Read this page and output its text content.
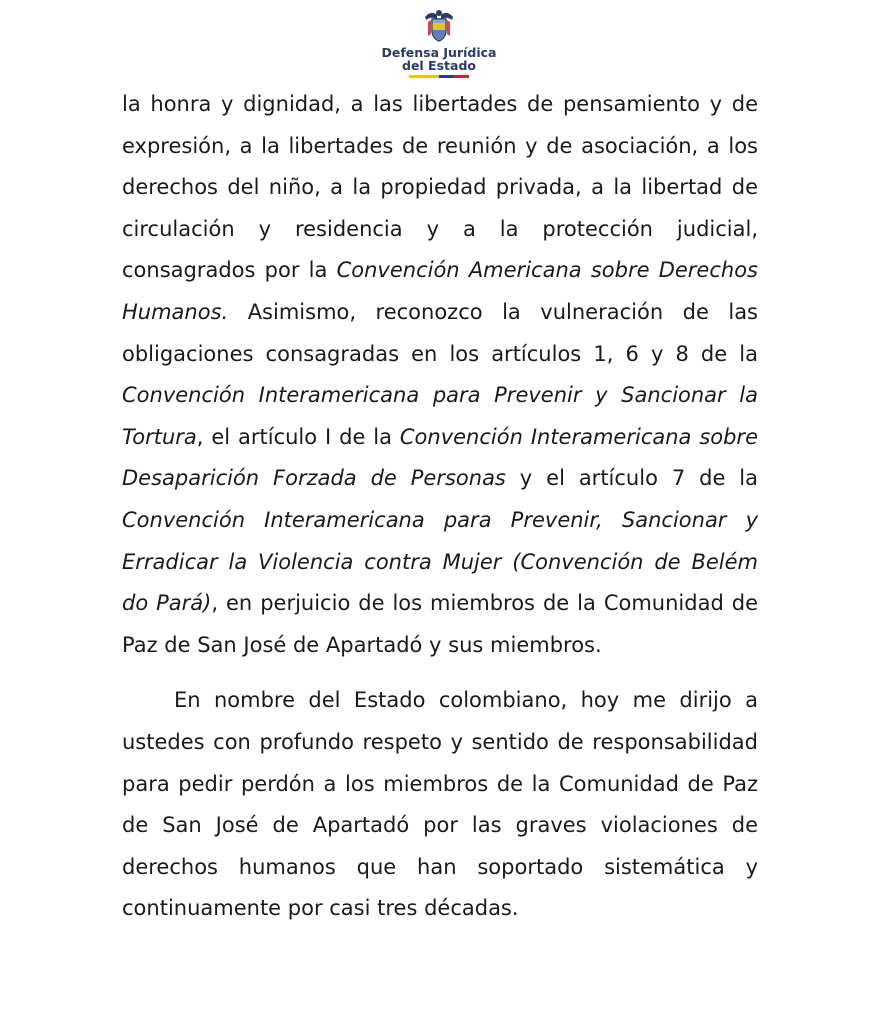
Defensa Jurídica
del Estado

la honra y dignidad, a las libertades de pensamiento y de expresión, a la libertades de reunión y de asociación, a los derechos del niño, a la propiedad privada, a la libertad de circulación y residencia y a la protección judicial, consagrados por la Convención Americana sobre Derechos Humanos. Asimismo, reconozco la vulneración de las obligaciones consagradas en los artículos 1, 6 y 8 de la Convención Interamericana para Prevenir y Sancionar la Tortura, el artículo I de la Convención Interamericana sobre Desaparición Forzada de Personas y el artículo 7 de la Convención Interamericana para Prevenir, Sancionar y Erradicar la Violencia contra Mujer (Convención de Belém do Pará), en perjuicio de los miembros de la Comunidad de Paz de San José de Apartadó y sus miembros.

En nombre del Estado colombiano, hoy me dirijo a ustedes con profundo respeto y sentido de responsabilidad para pedir perdón a los miembros de la Comunidad de Paz de San José de Apartadó por las graves violaciones de derechos humanos que han soportado sistemática y continuamente por casi tres décadas.
